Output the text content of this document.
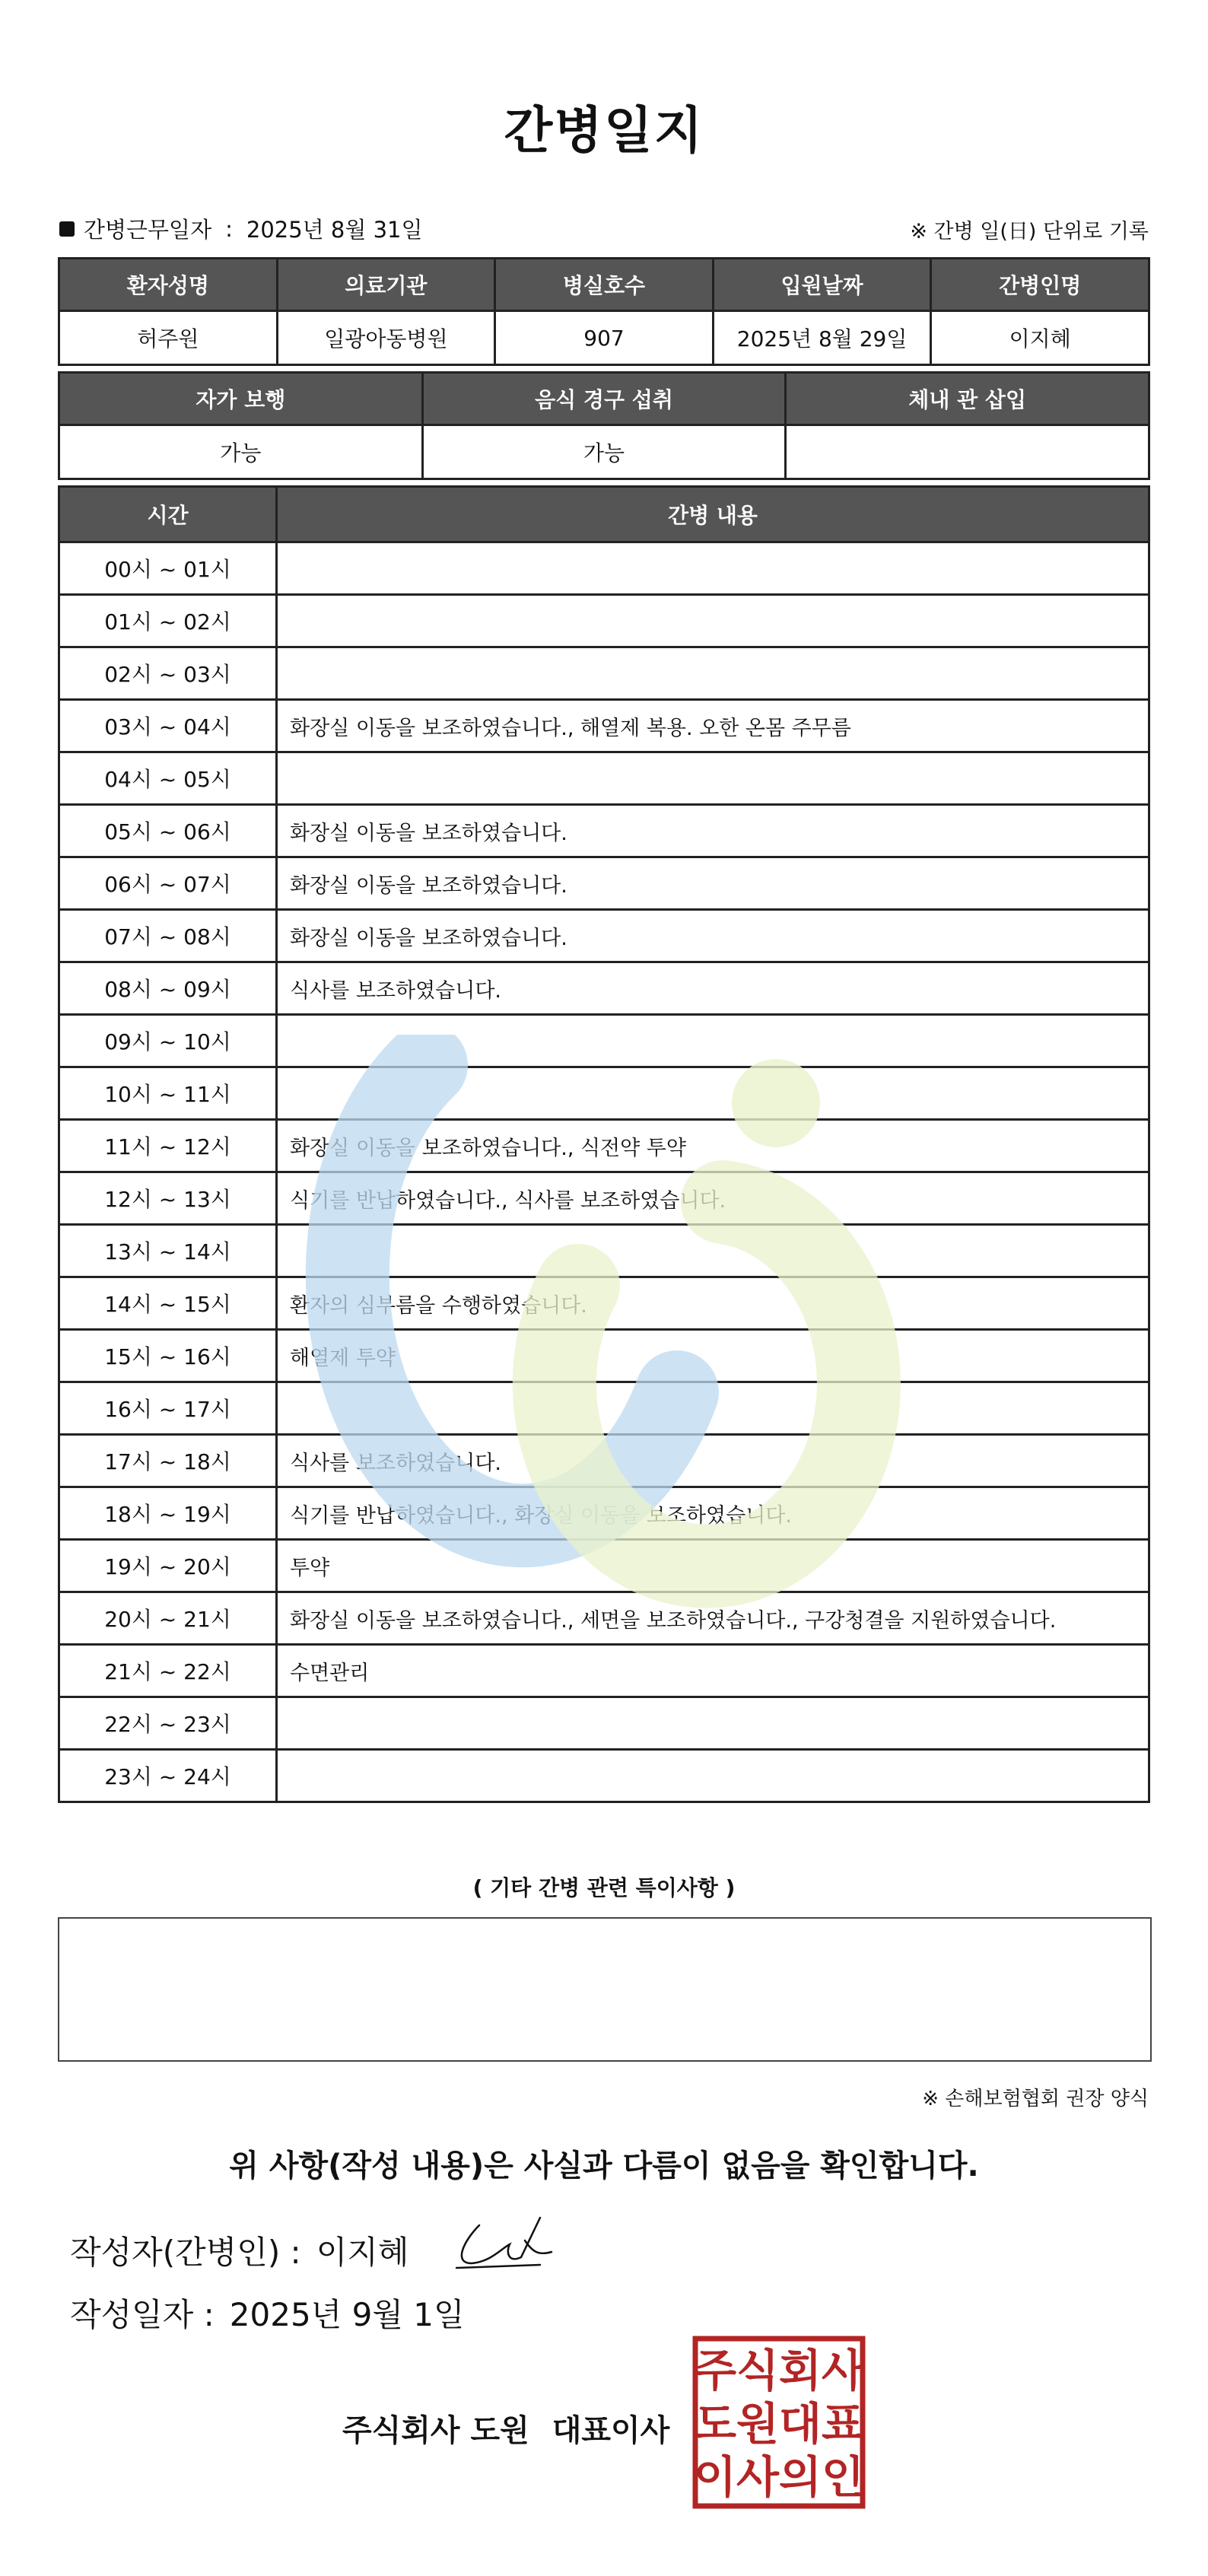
간병일지
간병근무일자 : 2025년 8월 31일	※ 간병 일(日) 단위로 기록
환자성명	의료기관	병실호수	입원날짜	간병인명
허주원	일광아동병원	907	2025년 8월 29일	이지혜
자가 보행	음식 경구 섭취	체내 관 삽입
가능	가능	
시간	간병 내용
00시 ~ 01시	
01시 ~ 02시	
02시 ~ 03시	
03시 ~ 04시	화장실 이동을 보조하였습니다., 해열제 복용. 오한 온몸 주무름
04시 ~ 05시	
05시 ~ 06시	화장실 이동을 보조하였습니다.
06시 ~ 07시	화장실 이동을 보조하였습니다.
07시 ~ 08시	화장실 이동을 보조하였습니다.
08시 ~ 09시	식사를 보조하였습니다.
09시 ~ 10시	
10시 ~ 11시	
11시 ~ 12시	화장실 이동을 보조하였습니다., 식전약 투약
12시 ~ 13시	식기를 반납하였습니다., 식사를 보조하였습니다.
13시 ~ 14시	
14시 ~ 15시	환자의 심부름을 수행하였습니다.
15시 ~ 16시	해열제 투약
16시 ~ 17시	
17시 ~ 18시	식사를 보조하였습니다.
18시 ~ 19시	식기를 반납하였습니다., 화장실 이동을 보조하였습니다.
19시 ~ 20시	투약
20시 ~ 21시	화장실 이동을 보조하였습니다., 세면을 보조하였습니다., 구강청결을 지원하였습니다.
21시 ~ 22시	수면관리
22시 ~ 23시	
23시 ~ 24시	
( 기타 간병 관련 특이사항 )
※ 손해보험협회 권장 양식
위 사항(작성 내용)은 사실과 다름이 없음을 확인합니다.
작성자(간병인) : 이지혜
작성일자 : 2025년 9월 1일
주식회사 도원 대표이사
주식회사
도원대표
이사의인
